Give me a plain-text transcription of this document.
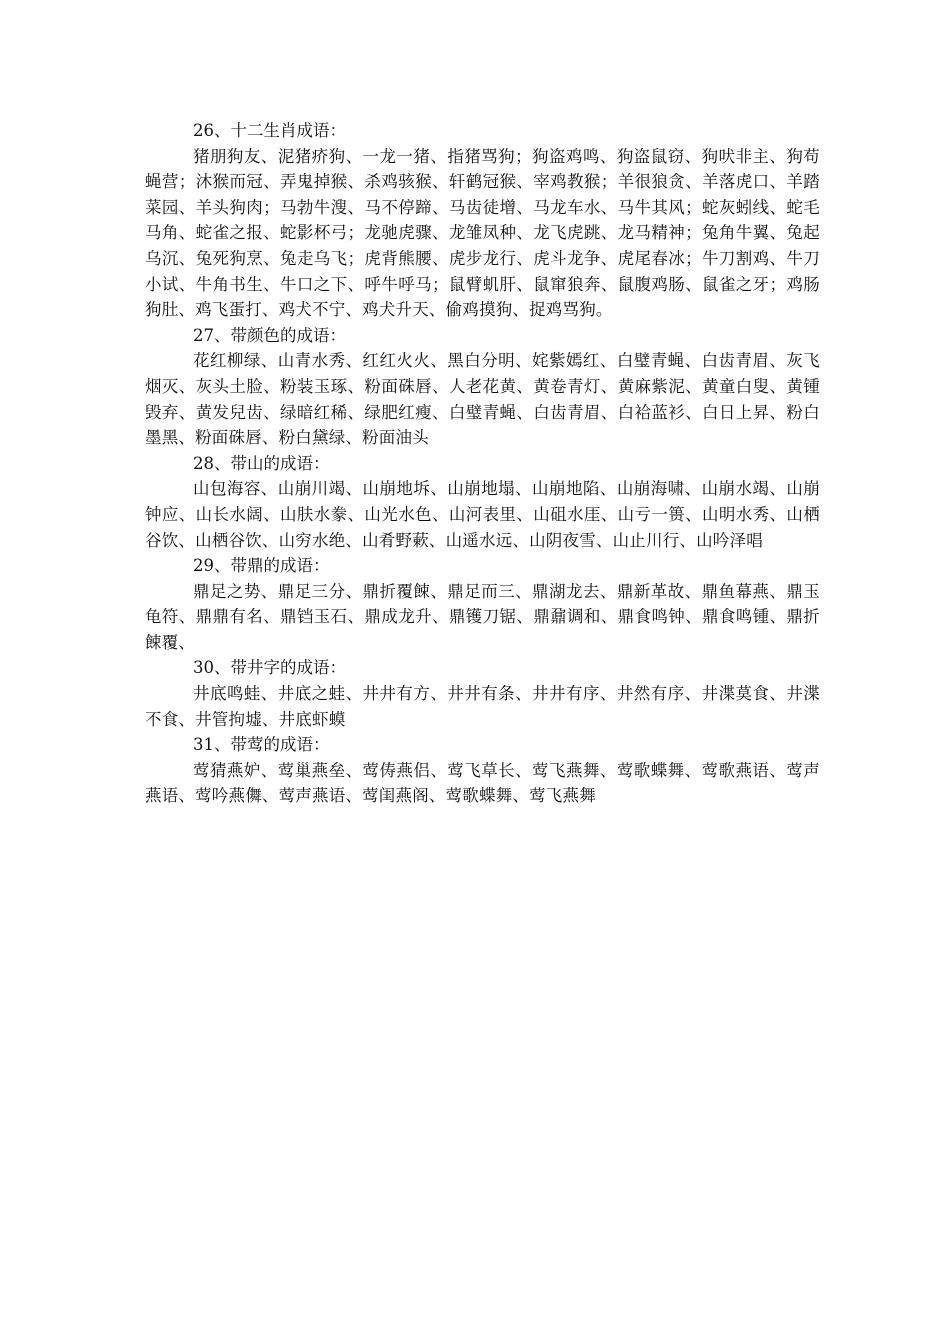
26、十二生肖成语：

猪朋狗友、泥猪疥狗、一龙一猪、指猪骂狗；狗盗鸡鸣、狗盗鼠窃、狗吠非主、狗苟蝇营；沐猴而冠、弄鬼掉猴、杀鸡骇猴、轩鹤冠猴、宰鸡教猴；羊很狼贪、羊落虎口、羊踏菜园、羊头狗肉；马勃牛溲、马不停蹄、马齿徒增、马龙车水、马牛其风；蛇灰蚓线、蛇毛马角、蛇雀之报、蛇影杯弓；龙驰虎骤、龙雏凤种、龙飞虎跳、龙马精神；兔角牛翼、兔起乌沉、兔死狗烹、兔走乌飞；虎背熊腰、虎步龙行、虎斗龙争、虎尾春冰；牛刀割鸡、牛刀小试、牛角书生、牛口之下、呼牛呼马；鼠臂虮肝、鼠窜狼奔、鼠腹鸡肠、鼠雀之牙；鸡肠狗肚、鸡飞蛋打、鸡犬不宁、鸡犬升天、偷鸡摸狗、捉鸡骂狗。

27、带颜色的成语：

花红柳绿、山青水秀、红红火火、黑白分明、姹紫嫣红、白璧青蝇、白齿青眉、灰飞烟灭、灰头土脸、粉装玉琢、粉面硃唇、人老花黄、黄卷青灯、黄麻紫泥、黄童白叟、黄锺毁弃、黄发兒齿、绿暗红稀、绿肥红瘦、白璧青蝇、白齿青眉、白袷蓝衫、白日上昇、粉白墨黑、粉面硃唇、粉白黛绿、粉面油头

28、带山的成语：

山包海容、山崩川竭、山崩地坼、山崩地塌、山崩地陷、山崩海啸、山崩水竭、山崩钟应、山长水阔、山肤水豢、山光水色、山河表里、山砠水厓、山亏一篑、山明水秀、山栖谷饮、山栖谷饮、山穷水绝、山肴野蔌、山遥水远、山阴夜雪、山止川行、山吟泽唱

29、带鼎的成语：

鼎足之势、鼎足三分、鼎折覆餗、鼎足而三、鼎湖龙去、鼎新革故、鼎鱼幕燕、鼎玉龟符、鼎鼎有名、鼎铛玉石、鼎成龙升、鼎镬刀锯、鼎鼐调和、鼎食鸣钟、鼎食鸣锺、鼎折餗覆、

30、带井字的成语：

井底鸣蛙、井底之蛙、井井有方、井井有条、井井有序、井然有序、井渫莫食、井渫不食、井管拘墟、井底虾蟆

31、带莺的成语：

莺猜燕妒、莺巢燕垒、莺俦燕侣、莺飞草长、莺飞燕舞、莺歌蝶舞、莺歌燕语、莺声燕语、莺吟燕儛、莺声燕语、莺闺燕阁、莺歌蝶舞、莺飞燕舞
